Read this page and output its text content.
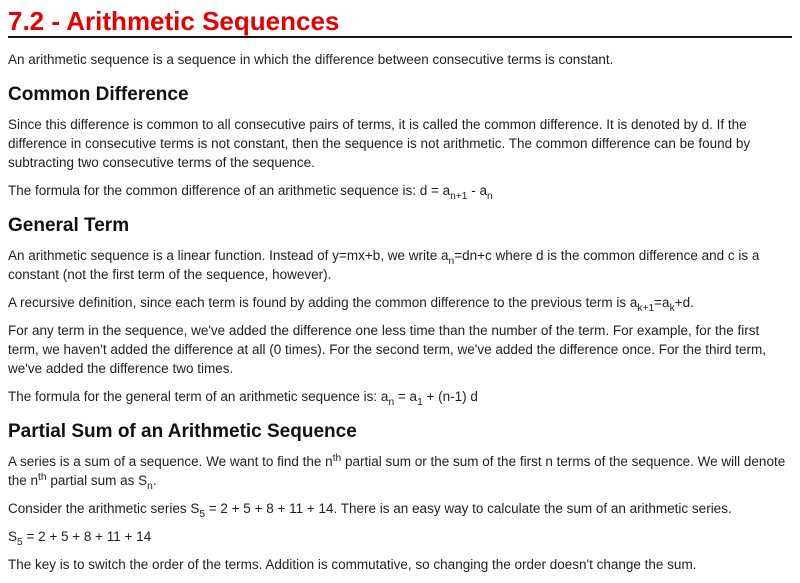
7.2 - Arithmetic Sequences

An arithmetic sequence is a sequence in which the difference between consecutive terms is constant.

Common Difference

Since this difference is common to all consecutive pairs of terms, it is called the common difference. It is denoted by d. If the difference in consecutive terms is not constant, then the sequence is not arithmetic. The common difference can be found by subtracting two consecutive terms of the sequence.

The formula for the common difference of an arithmetic sequence is: $d = a_{n+1} - a_n$

General Term

An arithmetic sequence is a linear function. Instead of y=mx+b, we write $a_n=dn+c$ where d is the common difference and c is a constant (not the first term of the sequence, however).

A recursive definition, since each term is found by adding the common difference to the previous term is $a_{k+1}=a_k+d$.

For any term in the sequence, we've added the difference one less time than the number of the term. For example, for the first term, we haven't added the difference at all (0 times). For the second term, we've added the difference once. For the third term, we've added the difference two times.

The formula for the general term of an arithmetic sequence is: $a_n = a_1 + (n-1)$ d

Partial Sum of an Arithmetic Sequence

A series is a sum of a sequence. We want to find the $n^{th}$ partial sum or the sum of the first n terms of the sequence. We will denote the $n^{th}$ partial sum as $S_n$.

Consider the arithmetic series $S_5 = 2 + 5 + 8 + 11 + 14$. There is an easy way to calculate the sum of an arithmetic series.

$S_5 = 2 + 5 + 8 + 11 + 14$

The key is to switch the order of the terms. Addition is commutative, so changing the order doesn't change the sum.
